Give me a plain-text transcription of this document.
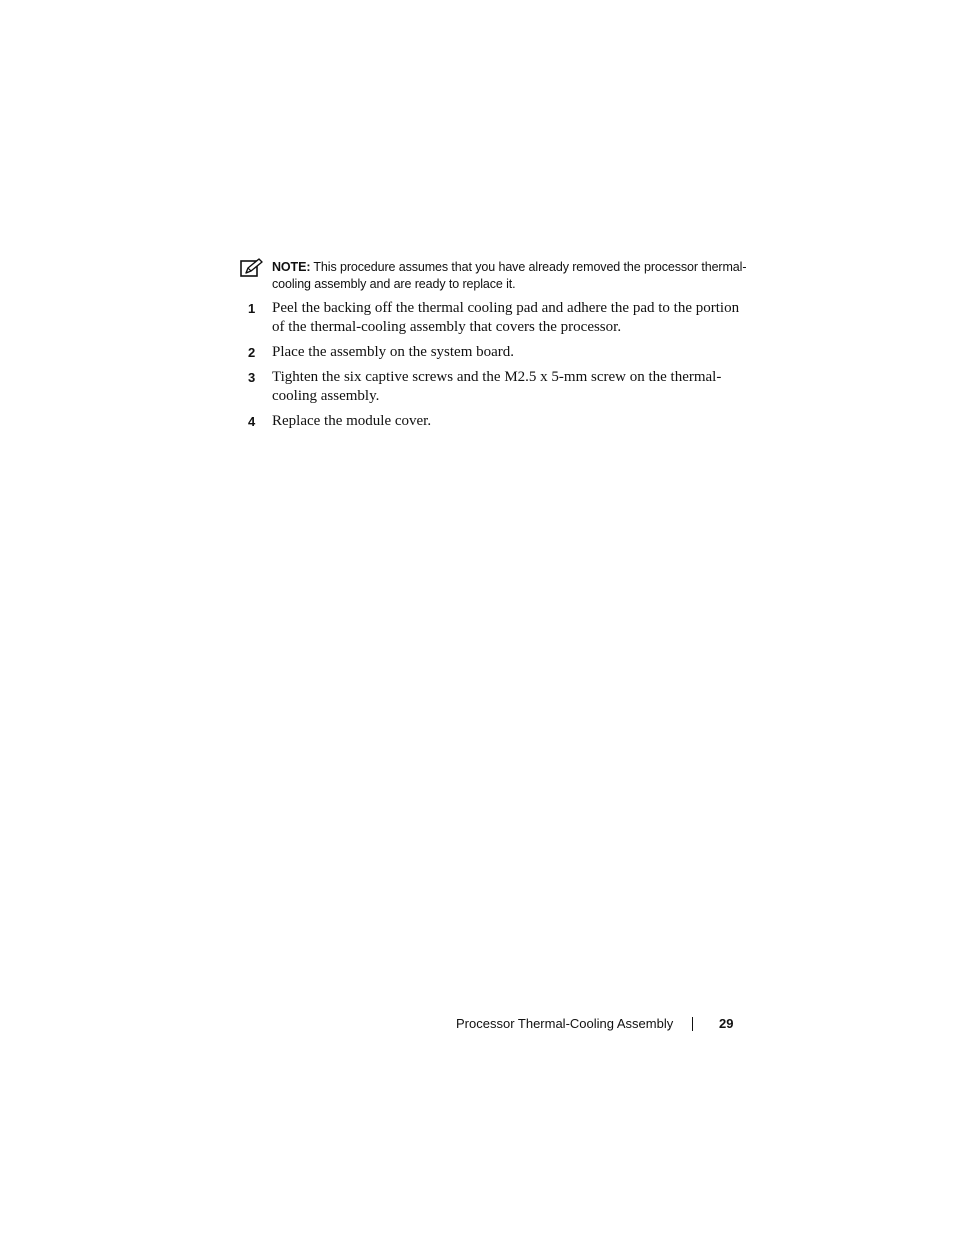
NOTE: This procedure assumes that you have already removed the processor thermal-cooling assembly and are ready to replace it.
1 Peel the backing off the thermal cooling pad and adhere the pad to the portion of the thermal-cooling assembly that covers the processor.
2 Place the assembly on the system board.
3 Tighten the six captive screws and the M2.5 x 5-mm screw on the thermal-cooling assembly.
4 Replace the module cover.
Processor Thermal-Cooling Assembly	29
